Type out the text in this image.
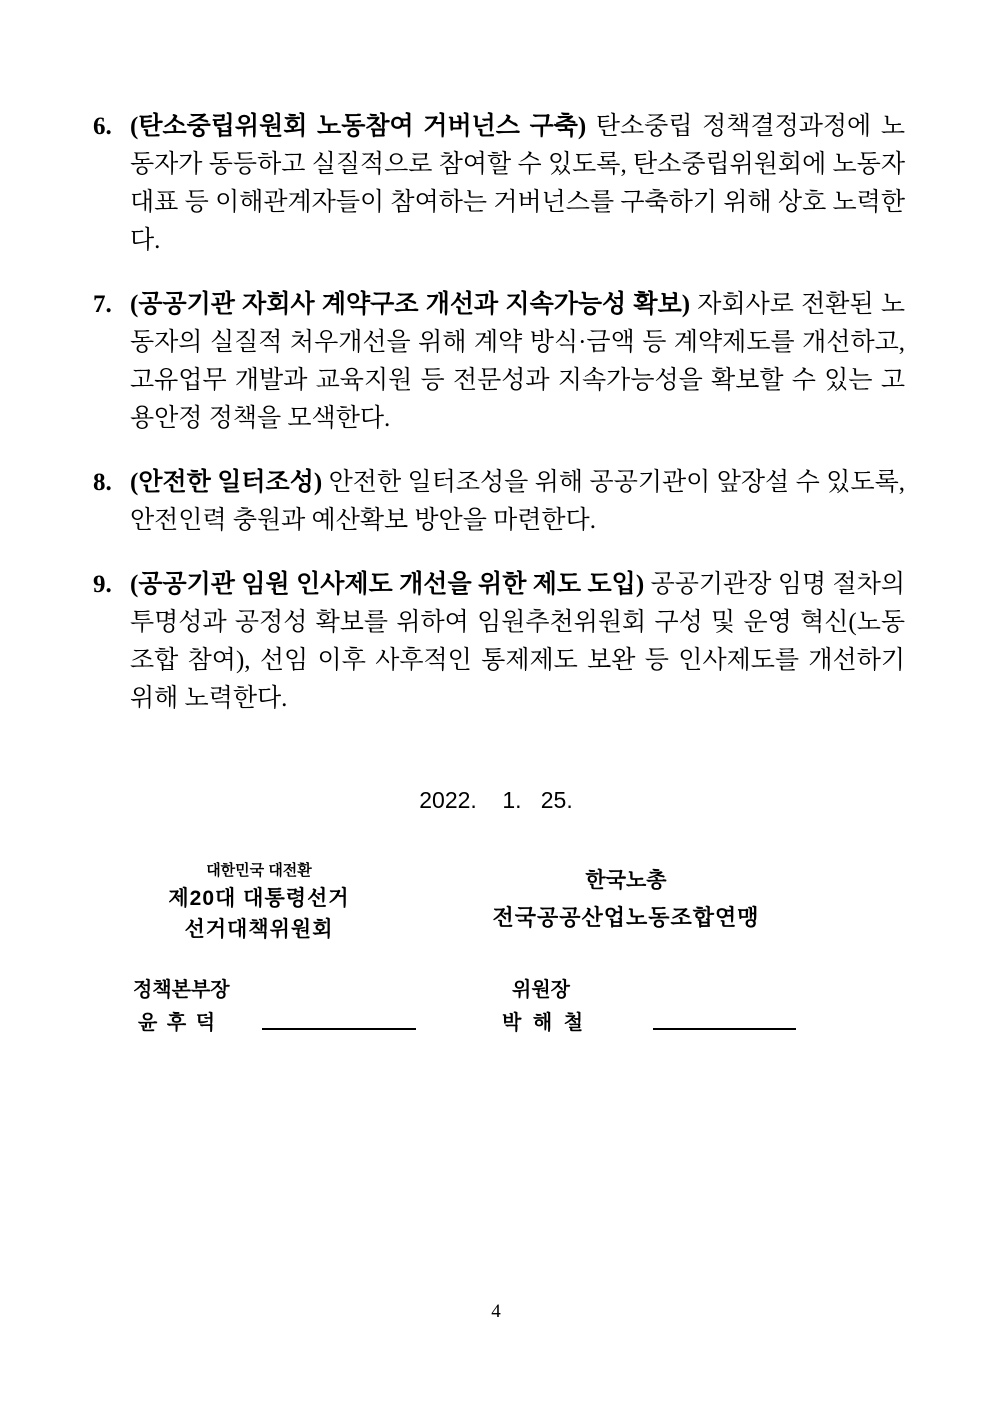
6. (탄소중립위원회 노동참여 거버넌스 구축) 탄소중립 정책결정과정에 노동자가 동등하고 실질적으로 참여할 수 있도록, 탄소중립위원회에 노동자 대표 등 이해관계자들이 참여하는 거버넌스를 구축하기 위해 상호 노력한다.

7. (공공기관 자회사 계약구조 개선과 지속가능성 확보) 자회사로 전환된 노동자의 실질적 처우개선을 위해 계약 방식·금액 등 계약제도를 개선하고, 고유업무 개발과 교육지원 등 전문성과 지속가능성을 확보할 수 있는 고용안정 정책을 모색한다.

8. (안전한 일터조성) 안전한 일터조성을 위해 공공기관이 앞장설 수 있도록, 안전인력 충원과 예산확보 방안을 마련한다.

9. (공공기관 임원 인사제도 개선을 위한 제도 도입) 공공기관장 임명 절차의 투명성과 공정성 확보를 위하여 임원추천위원회 구성 및 운영 혁신(노동조합 참여), 선임 이후 사후적인 통제제도 보완 등 인사제도를 개선하기 위해 노력한다.

2022.    1.   25.
대한민국 대전환
제20대 대통령선거
선거대책위원회
한국노총
전국공공산업노동조합연맹
정책본부장	위원장
윤 후 덕	박 해 철
4
